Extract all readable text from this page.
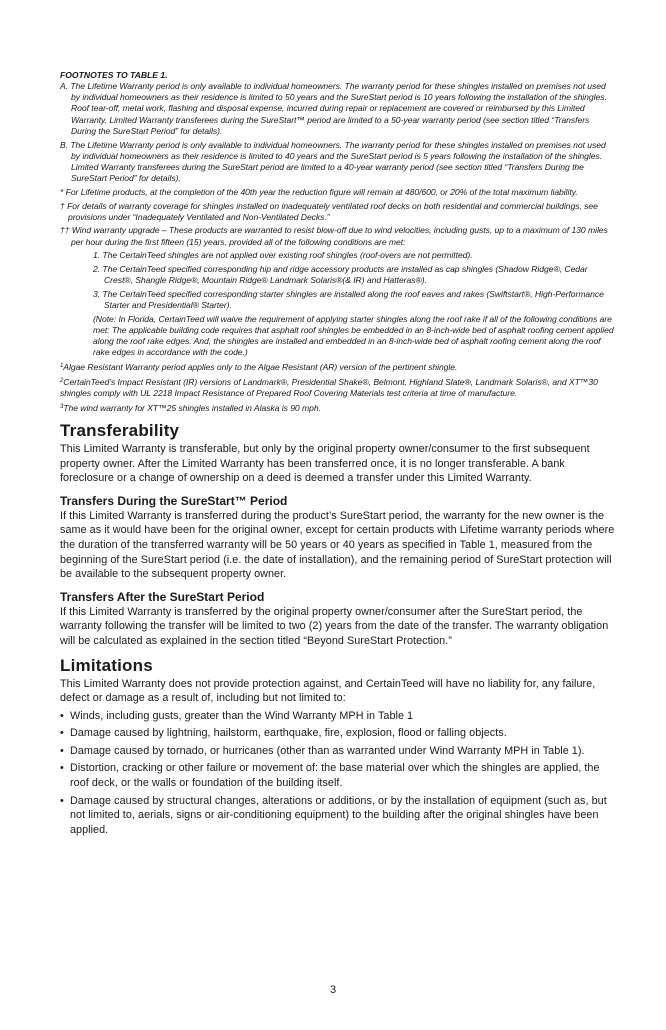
FOOTNOTES TO TABLE 1.

A. The Lifetime Warranty period is only available to individual homeowners. The warranty period for these shingles installed on premises not used by individual homeowners as their residence is limited to 50 years and the SureStart period is 10 years following the installation of the shingles. Roof tear-off, metal work, flashing and disposal expense, incurred during repair or replacement are covered or reimbursed by this Limited Warranty. Limited Warranty transferees during the SureStart™ period are limited to a 50-year warranty period (see section titled “Transfers During the SureStart Period” for details).

B. The Lifetime Warranty period is only available to individual homeowners. The warranty period for these shingles installed on premises not used by individual homeowners as their residence is limited to 40 years and the SureStart period is 5 years following the installation of the shingles. Limited Warranty transferees during the SureStart period are limited to a 40-year warranty period (see section titled “Transfers During the SureStart Period” for details).

* For Lifetime products, at the completion of the 40th year the reduction figure will remain at 480/600, or 20% of the total maximum liability.

† For details of warranty coverage for shingles installed on inadequately ventilated roof decks on both residential and commercial buildings, see provisions under “Inadequately Ventilated and Non-Ventilated Decks.”

†† Wind warranty upgrade – These products are warranted to resist blow-off due to wind velocities, including gusts, up to a maximum of 130 miles per hour during the first fifteen (15) years, provided all of the following conditions are met:

1. The CertainTeed shingles are not applied over existing roof shingles (roof-overs are not permitted).

2. The CertainTeed specified corresponding hip and ridge accessory products are installed as cap shingles (Shadow Ridge®, Cedar Crest®, Shangle Ridge®, Mountain Ridge® Landmark Solaris®(& IR) and Hatteras®).

3. The CertainTeed specified corresponding starter shingles are installed along the roof eaves and rakes (Swiftstart®, High-Performance Starter and Presidential® Starter).

(Note: In Florida, CertainTeed will waive the requirement of applying starter shingles along the roof rake if all of the following conditions are met: The applicable building code requires that asphalt roof shingles be embedded in an 8-inch-wide bed of asphalt roofing cement applied along the roof rake edges. And, the shingles are installed and embedded in an 8-inch-wide bed of asphalt roofing cement along the roof rake edges in accordance with the code.)

$^1$Algae Resistant Warranty period applies only to the Algae Resistant (AR) version of the pertinent shingle.

$^2$CertainTeed’s Impact Resistant (IR) versions of Landmark®, Presidential Shake®, Belmont, Highland Slate®, Landmark Solaris®, and XT™30 shingles comply with UL 2218 Impact Resistance of Prepared Roof Covering Materials test criteria at time of manufacture.

$^3$The wind warranty for XT™25 shingles installed in Alaska is 90 mph.

Transferability

This Limited Warranty is transferable, but only by the original property owner/consumer to the first subsequent property owner. After the Limited Warranty has been transferred once, it is no longer transferable. A bank foreclosure or a change of ownership on a deed is deemed a transfer under this Limited Warranty.

Transfers During the SureStart™ Period

If this Limited Warranty is transferred during the product’s SureStart period, the warranty for the new owner is the same as it would have been for the original owner, except for certain products with Lifetime warranty periods where the duration of the transferred warranty will be 50 years or 40 years as specified in Table 1, measured from the beginning of the SureStart period (i.e. the date of installation), and the remaining period of SureStart protection will be available to the subsequent property owner.

Transfers After the SureStart Period

If this Limited Warranty is transferred by the original property owner/consumer after the SureStart period, the warranty following the transfer will be limited to two (2) years from the date of the transfer. The warranty obligation will be calculated as explained in the section titled “Beyond SureStart Protection.”

Limitations

This Limited Warranty does not provide protection against, and CertainTeed will have no liability for, any failure, defect or damage as a result of, including but not limited to:

• Winds, including gusts, greater than the Wind Warranty MPH in Table 1
• Damage caused by lightning, hailstorm, earthquake, fire, explosion, flood or falling objects.
• Damage caused by tornado, or hurricanes (other than as warranted under Wind Warranty MPH in Table 1).
• Distortion, cracking or other failure or movement of: the base material over which the shingles are applied, the roof deck, or the walls or foundation of the building itself.
• Damage caused by structural changes, alterations or additions, or by the installation of equipment (such as, but not limited to, aerials, signs or air-conditioning equipment) to the building after the original shingles have been applied.
3
